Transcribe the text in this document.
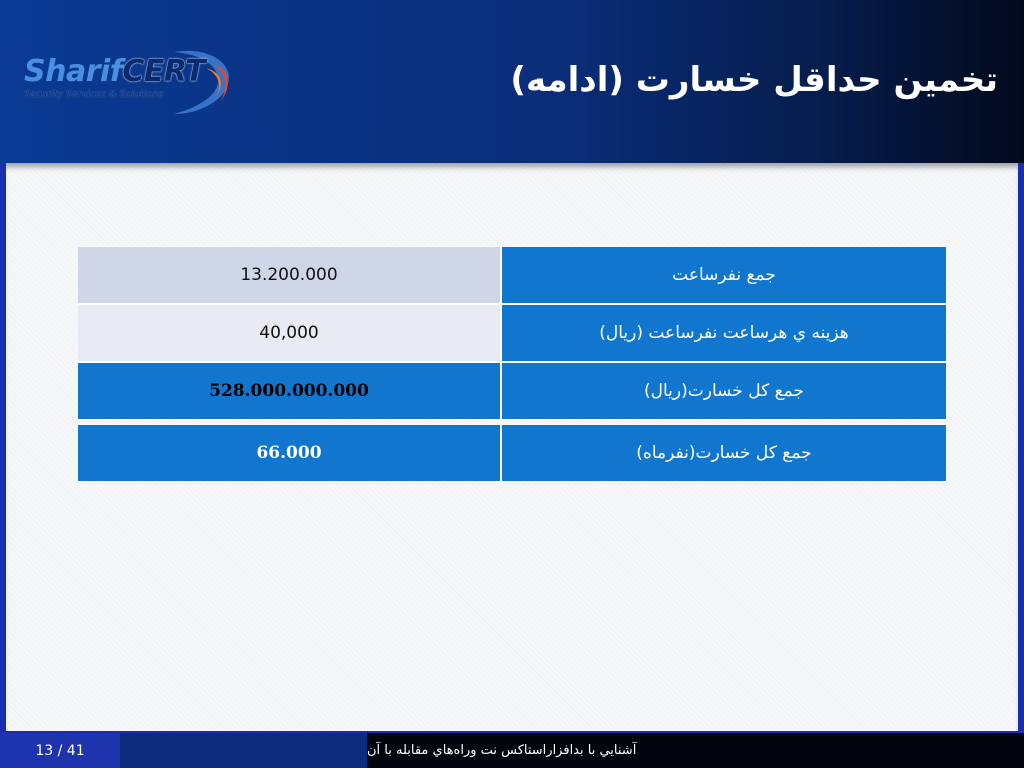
SharifCERT
Security Services & Solutions	تخمين حداقل خسارت (ادامه)
13.200.000	جمع نفرساعت
40,000	هزينه ي هرساعت نفرساعت (ريال)
528.000.000.000	جمع كل خسارت(ريال)
66.000	جمع كل خسارت(نفرماه)
13 / 41	آشنايي با بدافزاراستاكس نت وراه‌هاي مقابله با آن
